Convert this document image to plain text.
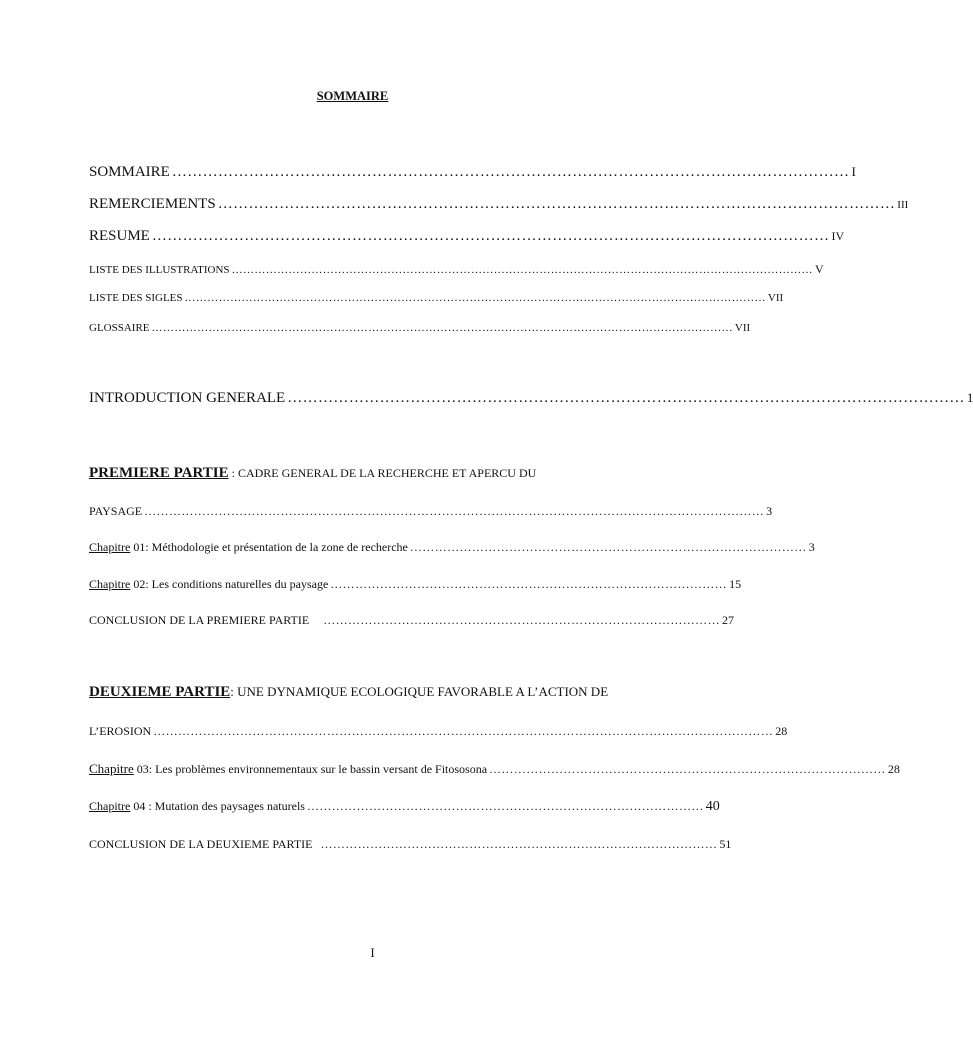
SOMMAIRE
SOMMAIRE …………………………………………………………………………………………………………………… I
REMERCIEMENTS …………………………………………………………………………………………………………………… III
RESUME …………………………………………………………………………………………………………………… IV
LISTE DES ILLUSTRATIONS ……………………………………………………………………………………………………………………………………… V
LISTE DES SIGLES ……………………………………………………………………………………………………………………………………… VII
GLOSSAIRE ……………………………………………………………………………………………………………………………………… VII
INTRODUCTION GENERALE …………………………………………………………………………………………………………………… 1
PREMIERE PARTIE : CADRE GENERAL DE LA RECHERCHE ET APERCU DU
PAYSAGE …………………………………………………………………………………………………………………………………… 3
Chapitre 01: Méthodologie et présentation de la zone de recherche …………………………………………………………………………………… 3
Chapitre 02: Les conditions naturelles du paysage …………………………………………………………………………………… 15
CONCLUSION DE LA PREMIERE PARTIE	…………………………………………………………………………………… 27
DEUXIEME PARTIE: UNE DYNAMIQUE ECOLOGIQUE FAVORABLE A L’ACTION DE
L’EROSION …………………………………………………………………………………………………………………………………… 28
Chapitre 03: Les problèmes environnementaux sur le bassin versant de Fitososona …………………………………………………………………………………… 28
Chapitre 04 : Mutation des paysages naturels …………………………………………………………………………………… 40
CONCLUSION DE LA DEUXIEME PARTIE …………………………………………………………………………………… 51
I
